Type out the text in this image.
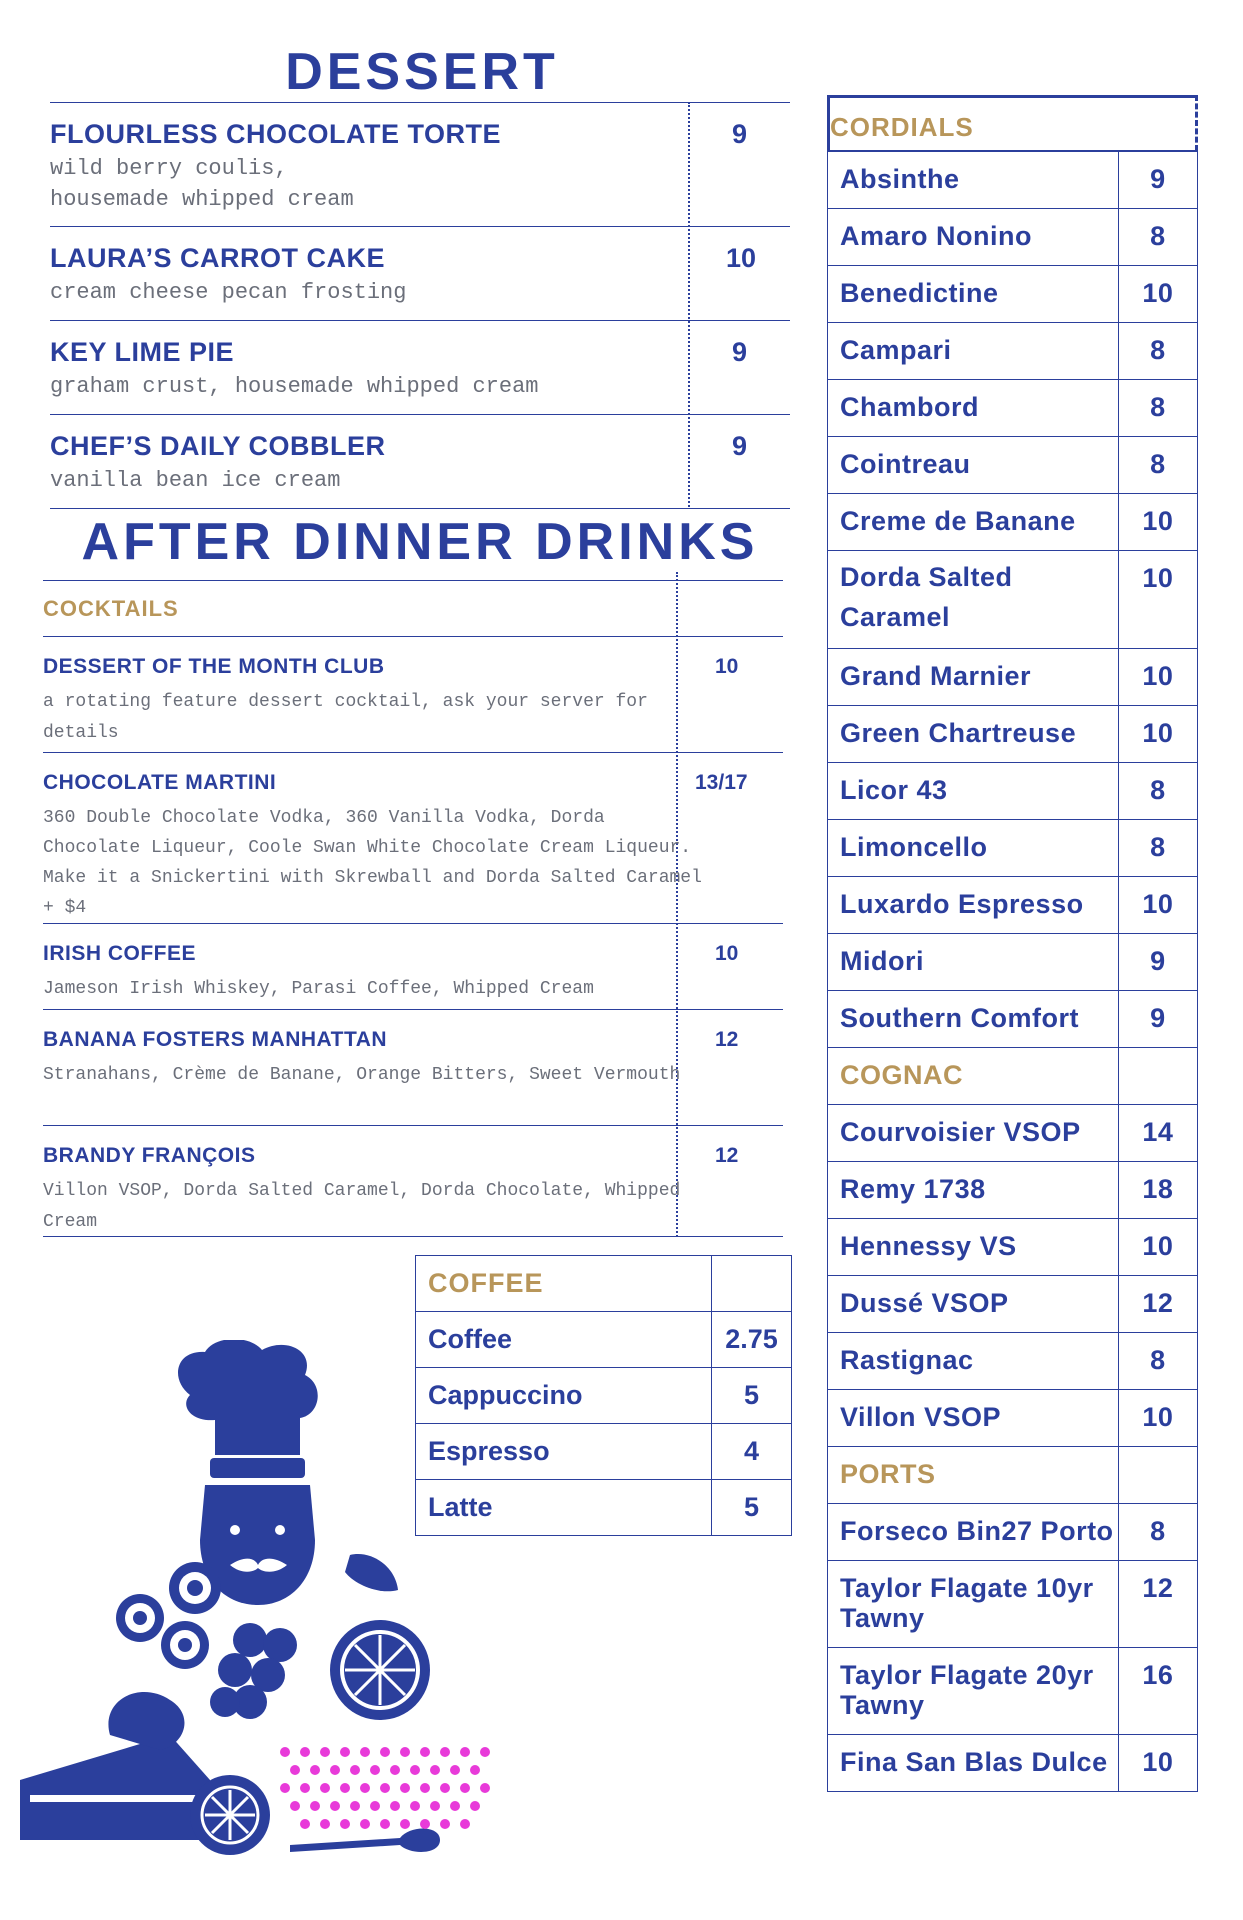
DESSERT
FLOURLESS CHOCOLATE TORTE
wild berry coulis,
housemade whipped cream
9
LAURA’S CARROT CAKE
cream cheese pecan frosting
10
KEY LIME PIE
graham crust, housemade whipped cream
9
CHEF’S DAILY COBBLER
vanilla bean ice cream
9
AFTER DINNER DRINKS
COCKTAILS
DESSERT OF THE MONTH CLUB
a rotating feature dessert cocktail, ask your server for details
10
CHOCOLATE MARTINI
360 Double Chocolate Vodka, 360 Vanilla Vodka, Dorda Chocolate Liqueur, Coole Swan White Chocolate Cream Liqueur. Make it a Snickertini with Skrewball and Dorda Salted Caramel + $4
13/17
IRISH COFFEE
Jameson Irish Whiskey, Parasi Coffee, Whipped Cream
10
BANANA FOSTERS MANHATTAN
Stranahans, Crème de Banane, Orange Bitters, Sweet Vermouth
12
BRANDY FRANÇOIS
Villon VSOP, Dorda Salted Caramel, Dorda Chocolate, Whipped Cream
12
COFFEE	
Coffee	2.75
Cappuccino	5
Espresso	4
Latte	5
CORDIALS
Absinthe	9
Amaro Nonino	8
Benedictine	10
Campari	8
Chambord	8
Cointreau	8
Creme de Banane	10
Dorda Salted Caramel	10
Grand Marnier	10
Green Chartreuse	10
Licor 43	8
Limoncello	8
Luxardo Espresso	10
Midori	9
Southern Comfort	9
COGNAC	
Courvoisier VSOP	14
Remy 1738	18
Hennessy VS	10
Dussé VSOP	12
Rastignac	8
Villon VSOP	10
PORTS	
Forseco Bin27 Porto	8
Taylor Flagate 10yr Tawny	12
Taylor Flagate 20yr Tawny	16
Fina San Blas Dulce	10
